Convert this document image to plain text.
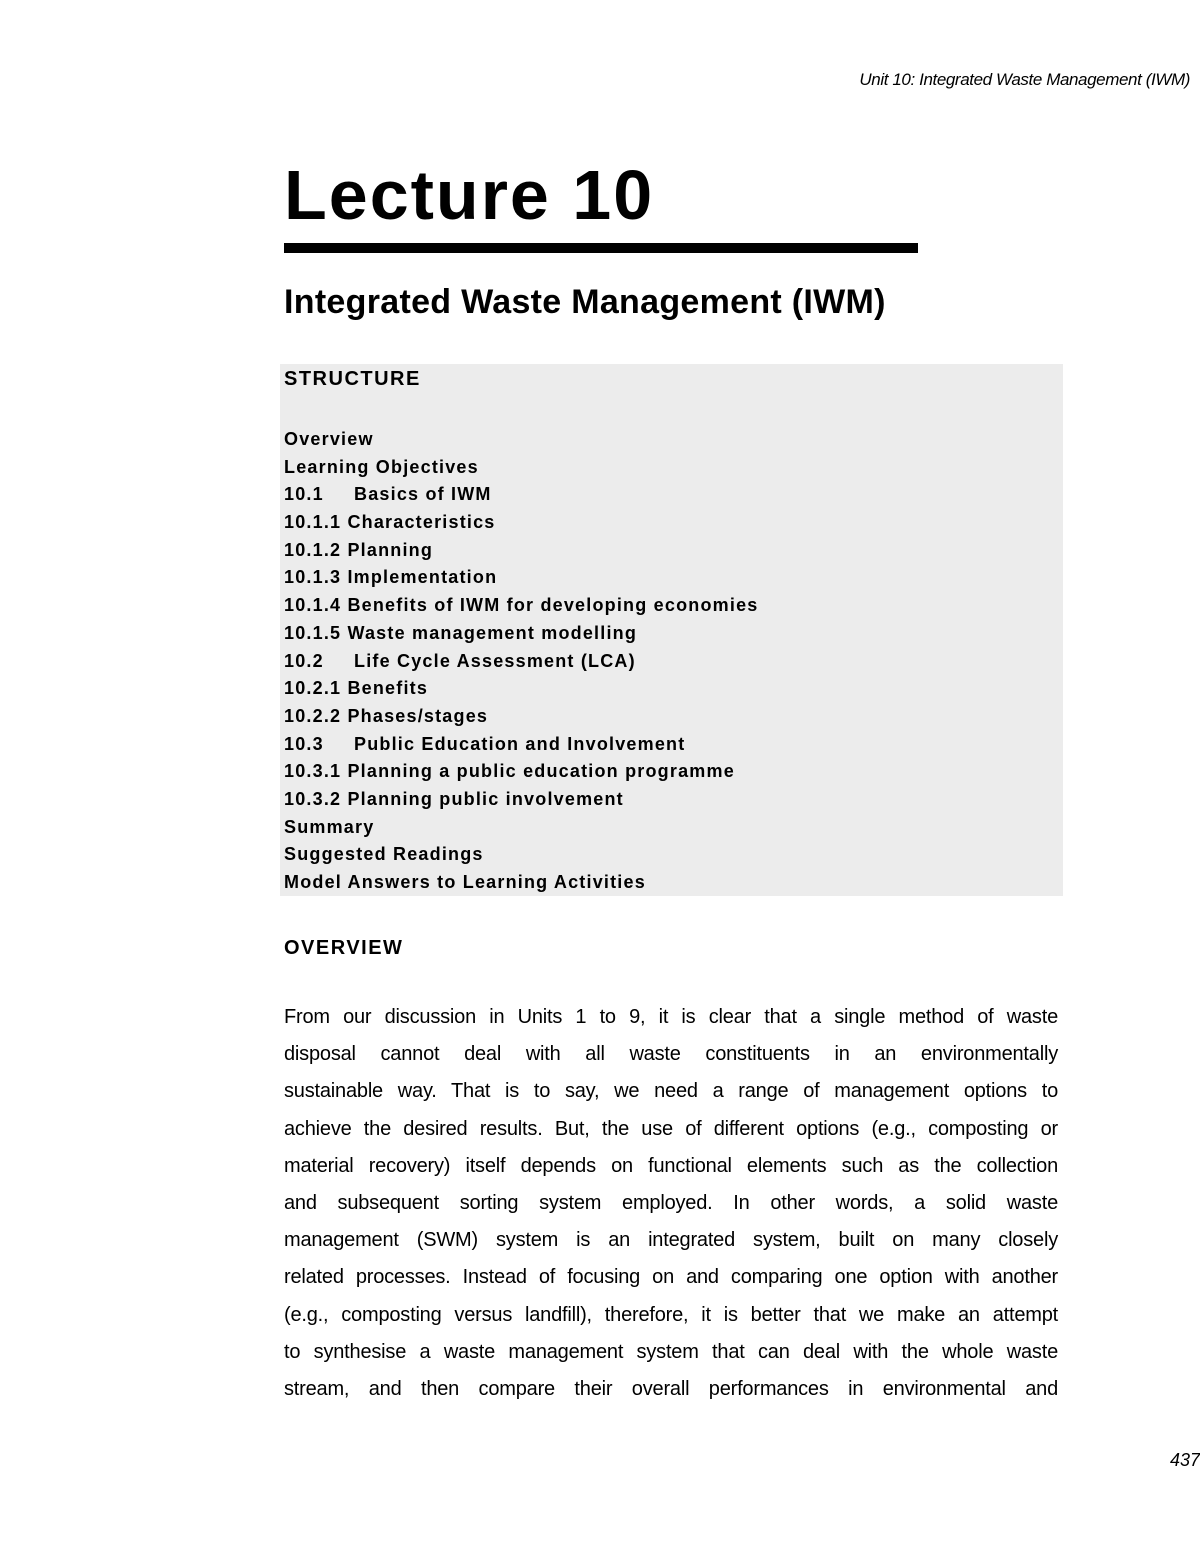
Unit 10: Integrated Waste Management (IWM)
Lecture 10
Integrated Waste Management (IWM)
STRUCTURE
Overview
Learning Objectives
10.1 Basics of IWM
10.1.1 Characteristics
10.1.2 Planning
10.1.3 Implementation
10.1.4 Benefits of IWM for developing economies
10.1.5 Waste management modelling
10.2 Life Cycle Assessment (LCA)
10.2.1 Benefits
10.2.2 Phases/stages
10.3 Public Education and Involvement
10.3.1 Planning a public education programme
10.3.2 Planning public involvement
Summary
Suggested Readings
Model Answers to Learning Activities
OVERVIEW
From our discussion in Units 1 to 9, it is clear that a single method of waste
disposal cannot deal with all waste constituents in an environmentally
sustainable way. That is to say, we need a range of management options to
achieve the desired results. But, the use of different options (e.g., composting or
material recovery) itself depends on functional elements such as the collection
and subsequent sorting system employed. In other words, a solid waste
management (SWM) system is an integrated system, built on many closely
related processes. Instead of focusing on and comparing one option with another
(e.g., composting versus landfill), therefore, it is better that we make an attempt
to synthesise a waste management system that can deal with the whole waste
stream, and then compare their overall performances in environmental and
437
